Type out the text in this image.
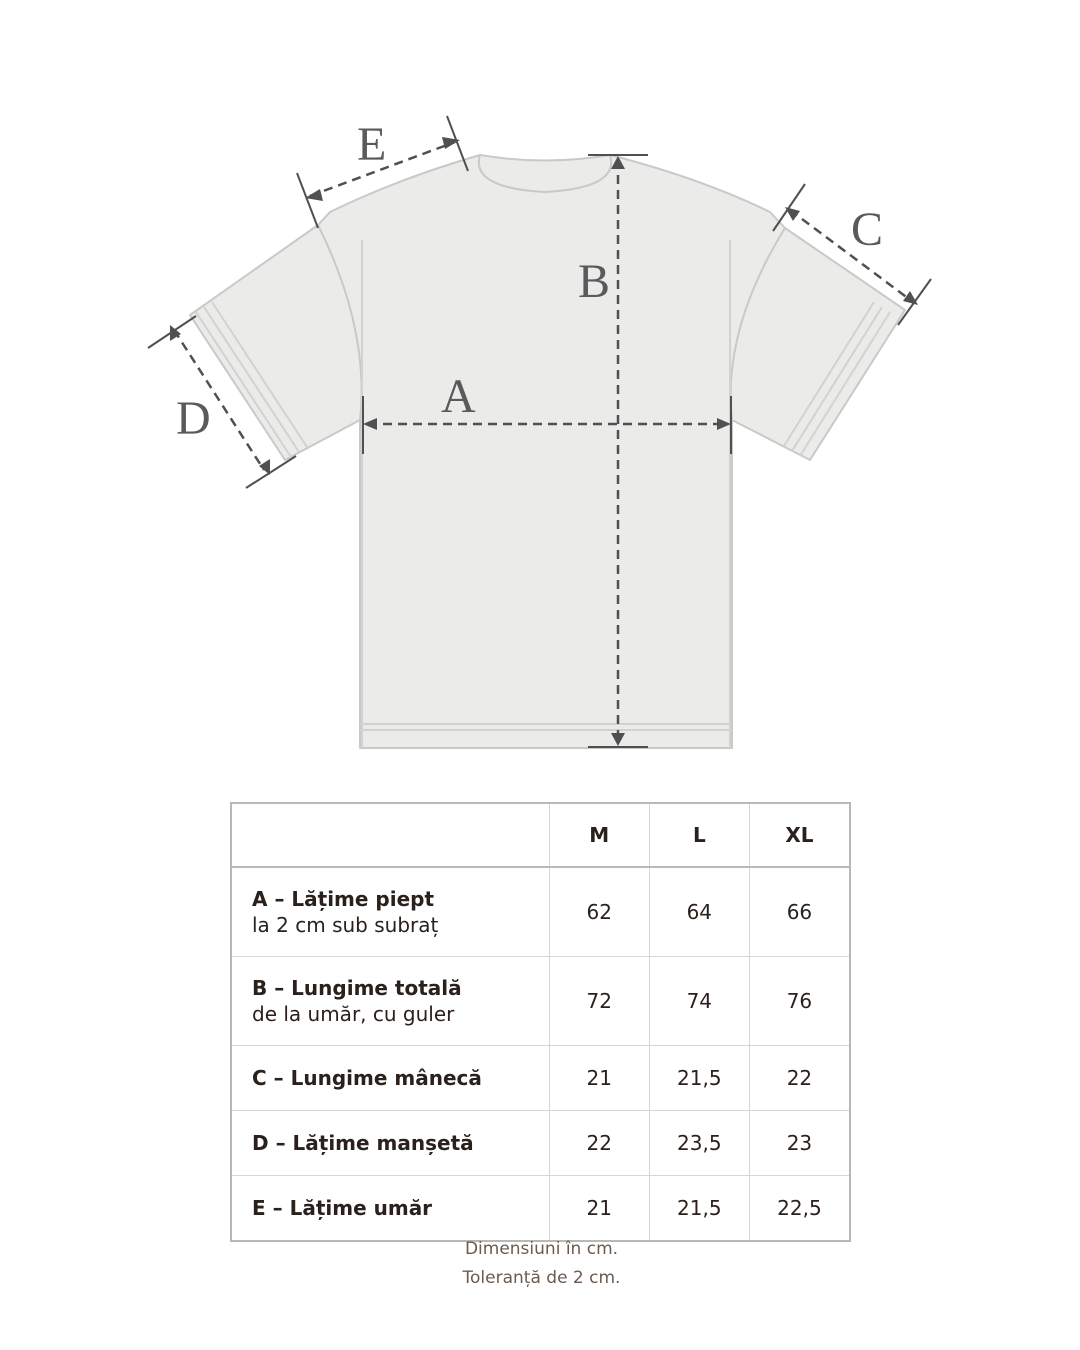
A
B
C
D
E
	M	L	XL

A – Lățime piept
la 2 cm sub subraț	62	64	66

B – Lungime totală
de la umăr, cu guler	72	74	76

C – Lungime mânecă	21	21,5	22

D – Lățime manșetă	22	23,5	23

E – Lățime umăr	21	21,5	22,5
Dimensiuni în cm.
Toleranță de 2 cm.
